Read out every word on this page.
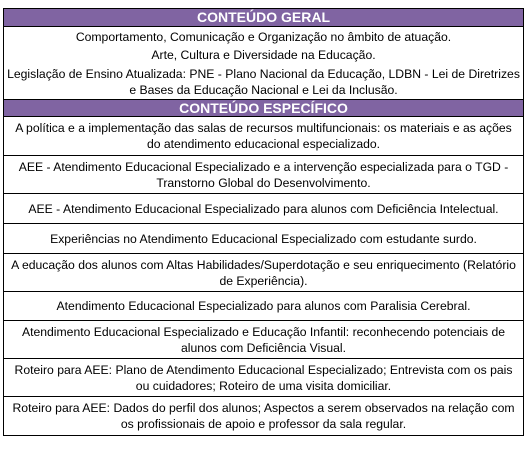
CONTEÚDO GERAL
Comportamento, Comunicação e Organização no âmbito de atuação.
Arte, Cultura e Diversidade na Educação.
Legislação de Ensino Atualizada: PNE - Plano Nacional da Educação, LDBN - Lei de Diretrizes e Bases da Educação Nacional e Lei da Inclusão.
CONTEÚDO ESPECÍFICO
A política e a implementação das salas de recursos multifuncionais: os materiais e as ações do atendimento educacional especializado.
AEE - Atendimento Educacional Especializado e a intervenção especializada para o TGD - Transtorno Global do Desenvolvimento.
AEE - Atendimento Educacional Especializado para alunos com Deficiência Intelectual.
Experiências no Atendimento Educacional Especializado com estudante surdo.
A educação dos alunos com Altas Habilidades/Superdotação e seu enriquecimento (Relatório de Experiência).
Atendimento Educacional Especializado para alunos com Paralisia Cerebral.
Atendimento Educacional Especializado e Educação Infantil: reconhecendo potenciais de alunos com Deficiência Visual.
Roteiro para AEE: Plano de Atendimento Educacional Especializado; Entrevista com os pais ou cuidadores; Roteiro de uma visita domiciliar.
Roteiro para AEE: Dados do perfil dos alunos; Aspectos a serem observados na relação com os profissionais de apoio e professor da sala regular.
